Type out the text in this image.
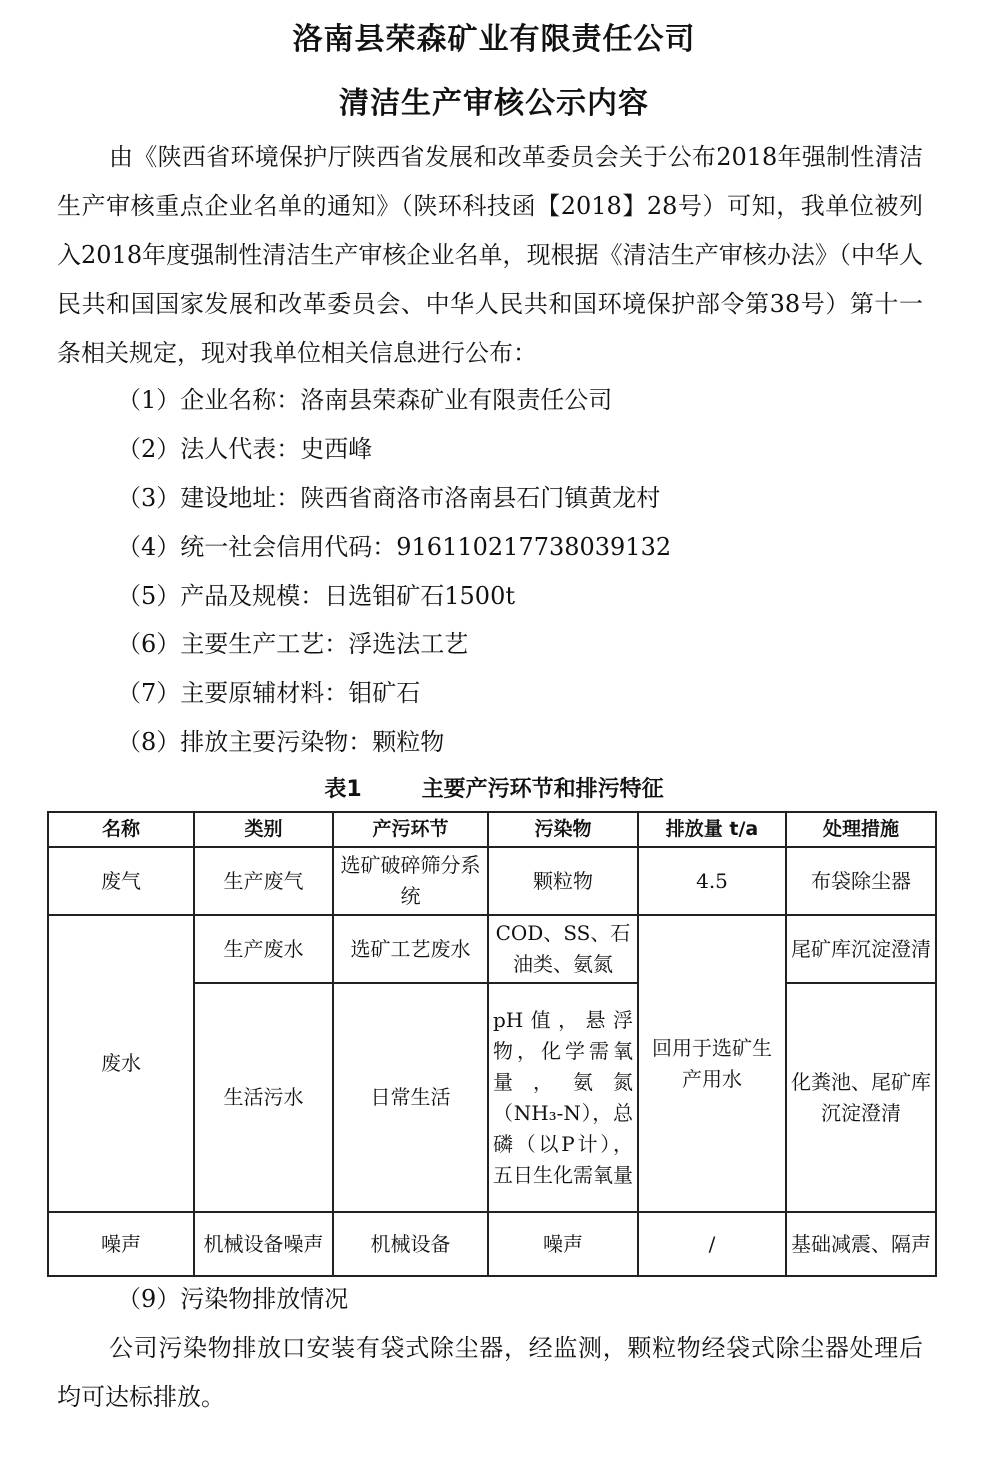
洛南县荣森矿业有限责任公司
清洁生产审核公示内容
由《陕西省环境保护厅陕西省发展和改革委员会关于公布2018年强制性清洁生产审核重点企业名单的通知》（陕环科技函【2018】28号）可知，我单位被列入2018年度强制性清洁生产审核企业名单，现根据《清洁生产审核办法》（中华人民共和国国家发展和改革委员会、中华人民共和国环境保护部令第38号）第十一条相关规定，现对我单位相关信息进行公布：
（1）企业名称：洛南县荣森矿业有限责任公司
（2）法人代表：史西峰
（3）建设地址：陕西省商洛市洛南县石门镇黄龙村
（4）统一社会信用代码：916110217738039132
（5）产品及规模：日选钼矿石1500t
（6）主要生产工艺：浮选法工艺
（7）主要原辅材料：钼矿石
（8）排放主要污染物：颗粒物
表1	主要产污环节和排污特征
名称	类别	产污环节	污染物	排放量 t/a	处理措施
废气	生产废气	选矿破碎筛分系统	颗粒物	4.5	布袋除尘器
废水	生产废水	选矿工艺废水	COD、SS、石油类、氨氮	回用于选矿生产用水	尾矿库沉淀澄清
	生活污水	日常生活	pH值，悬浮物，化学需氧量，氨氮（NH₃-N），总磷（以P计），五日生化需氧量		化粪池、尾矿库沉淀澄清
噪声	机械设备噪声	机械设备	噪声	/	基础减震、隔声
（9）污染物排放情况
公司污染物排放口安装有袋式除尘器，经监测，颗粒物经袋式除尘器处理后均可达标排放。
